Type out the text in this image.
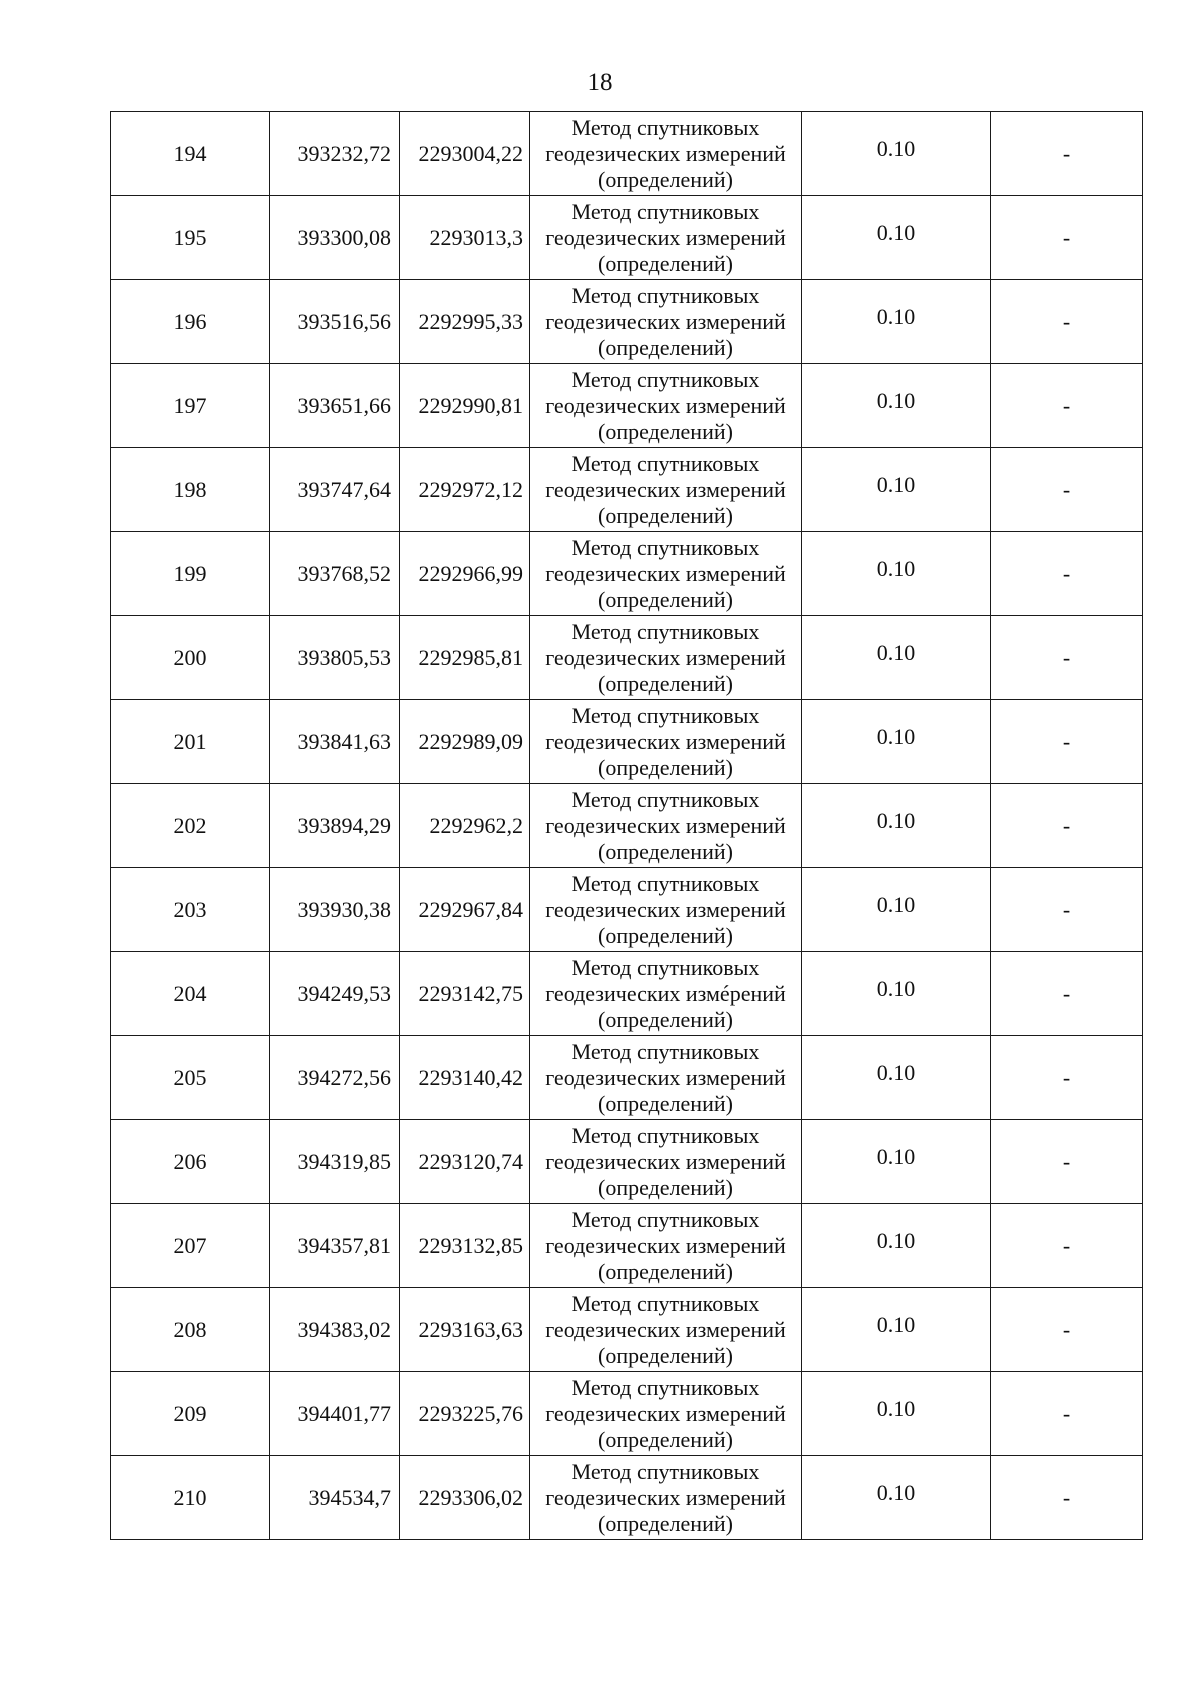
18
194	393232,72	2293004,22	Метод спутниковых
геодезических измерений
(определений)	0.10	-
195	393300,08	2293013,3	Метод спутниковых
геодезических измерений
(определений)	0.10	-
196	393516,56	2292995,33	Метод спутниковых
геодезических измерений
(определений)	0.10	-
197	393651,66	2292990,81	Метод спутниковых
геодезических измерений
(определений)	0.10	-
198	393747,64	2292972,12	Метод спутниковых
геодезических измерений
(определений)	0.10	-
199	393768,52	2292966,99	Метод спутниковых
геодезических измерений
(определений)	0.10	-
200	393805,53	2292985,81	Метод спутниковых
геодезических измерений
(определений)	0.10	-
201	393841,63	2292989,09	Метод спутниковых
геодезических измерений
(определений)	0.10	-
202	393894,29	2292962,2	Метод спутниковых
геодезических измерений
(определений)	0.10	-
203	393930,38	2292967,84	Метод спутниковых
геодезических измерений
(определений)	0.10	-
204	394249,53	2293142,75	Метод спутниковых
геодезических измéрений
(определений)	0.10	-
205	394272,56	2293140,42	Метод спутниковых
геодезических измерений
(определений)	0.10	-
206	394319,85	2293120,74	Метод спутниковых
геодезических измерений
(определений)	0.10	-
207	394357,81	2293132,85	Метод спутниковых
геодезических измерений
(определений)	0.10	-
208	394383,02	2293163,63	Метод спутниковых
геодезических измерений
(определений)	0.10	-
209	394401,77	2293225,76	Метод спутниковых
геодезических измерений
(определений)	0.10	-
210	394534,7	2293306,02	Метод спутниковых
геодезических измерений
(определений)	0.10	-
